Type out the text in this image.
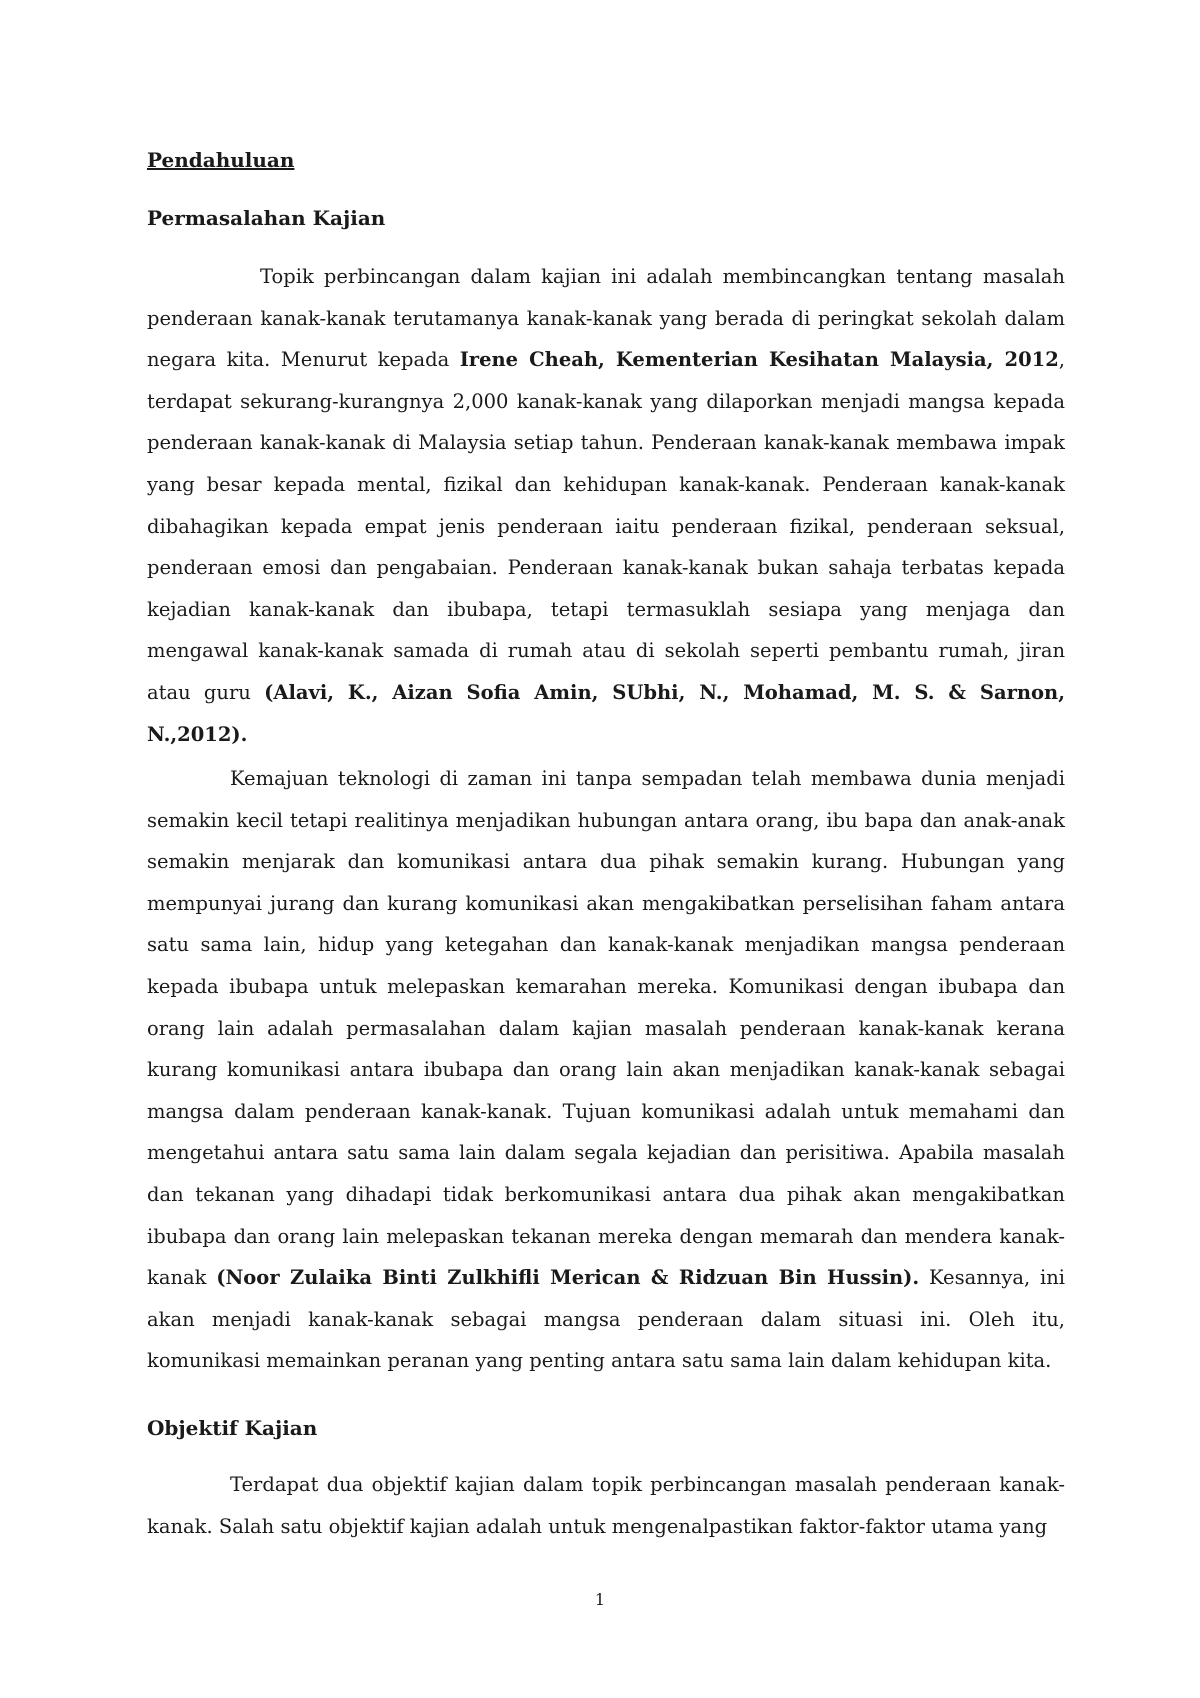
Pendahuluan
Permasalahan Kajian

Topik perbincangan dalam kajian ini adalah membincangkan tentang masalah penderaan kanak-kanak terutamanya kanak-kanak yang berada di peringkat sekolah dalam negara kita. Menurut kepada Irene Cheah, Kementerian Kesihatan Malaysia, 2012, terdapat sekurang-kurangnya 2,000 kanak-kanak yang dilaporkan menjadi mangsa kepada penderaan kanak-kanak di Malaysia setiap tahun. Penderaan kanak-kanak membawa impak yang besar kepada mental, fizikal dan kehidupan kanak-kanak. Penderaan kanak-kanak dibahagikan kepada empat jenis penderaan iaitu penderaan fizikal, penderaan seksual, penderaan emosi dan pengabaian. Penderaan kanak-kanak bukan sahaja terbatas kepada kejadian kanak-kanak dan ibubapa, tetapi termasuklah sesiapa yang menjaga dan mengawal kanak-kanak samada di rumah atau di sekolah seperti pembantu rumah, jiran atau guru (Alavi, K., Aizan Sofia Amin, SUbhi, N., Mohamad, M. S. & Sarnon, N.,2012).

Kemajuan teknologi di zaman ini tanpa sempadan telah membawa dunia menjadi semakin kecil tetapi realitinya menjadikan hubungan antara orang, ibu bapa dan anak-anak semakin menjarak dan komunikasi antara dua pihak semakin kurang. Hubungan yang mempunyai jurang dan kurang komunikasi akan mengakibatkan perselisihan faham antara satu sama lain, hidup yang ketegahan dan kanak-kanak menjadikan mangsa penderaan kepada ibubapa untuk melepaskan kemarahan mereka. Komunikasi dengan ibubapa dan orang lain adalah permasalahan dalam kajian masalah penderaan kanak-kanak kerana kurang komunikasi antara ibubapa dan orang lain akan menjadikan kanak-kanak sebagai mangsa dalam penderaan kanak-kanak. Tujuan komunikasi adalah untuk memahami dan mengetahui antara satu sama lain dalam segala kejadian dan perisitiwa. Apabila masalah dan tekanan yang dihadapi tidak berkomunikasi antara dua pihak akan mengakibatkan ibubapa dan orang lain melepaskan tekanan mereka dengan memarah dan mendera kanak-kanak (Noor Zulaika Binti Zulkhifli Merican & Ridzuan Bin Hussin). Kesannya, ini akan menjadi kanak-kanak sebagai mangsa penderaan dalam situasi ini. Oleh itu, komunikasi memainkan peranan yang penting antara satu sama lain dalam kehidupan kita.

Objektif Kajian

Terdapat dua objektif kajian dalam topik perbincangan masalah penderaan kanak-kanak. Salah satu objektif kajian adalah untuk mengenalpastikan faktor-faktor utama yang

1
